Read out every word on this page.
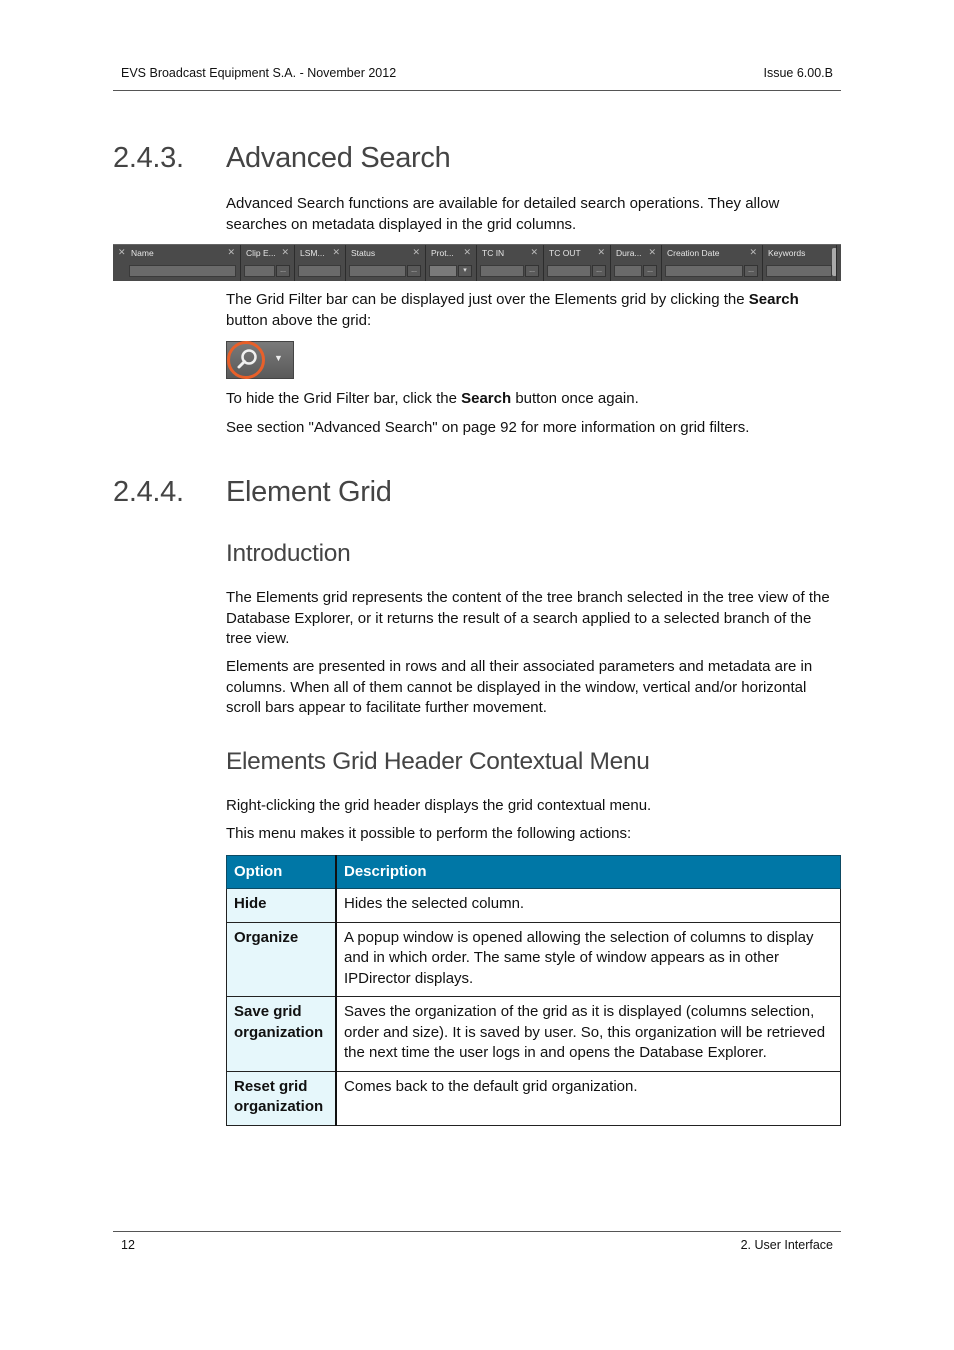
EVS Broadcast Equipment S.A. - November 2012	Issue 6.00.B
2.4.3. Advanced Search

Advanced Search functions are available for detailed search operations. They allow searches on metadata displayed in the grid columns.

✕ Name	✕ Clip E... ✕
...
LSM... ✕ Status	✕
...
Prot... ✕
▾
TC IN	✕
...
TC OUT ✕
...
Dura... ✕
...
Creation Date	✕
...
Keywords

The Grid Filter bar can be displayed just over the Elements grid by clicking the Search button above the grid:

▼

To hide the Grid Filter bar, click the Search button once again.

See section "Advanced Search" on page 92 for more information on grid filters.

2.4.4. Element Grid
Introduction

The Elements grid represents the content of the tree branch selected in the tree view of the Database Explorer, or it returns the result of a search applied to a selected branch of the tree view.

Elements are presented in rows and all their associated parameters and metadata are in columns. When all of them cannot be displayed in the window, vertical and/or horizontal scroll bars appear to facilitate further movement.

Elements Grid Header Contextual Menu

Right-clicking the grid header displays the grid contextual menu.

This menu makes it possible to perform the following actions:

Option	Description
Hide	Hides the selected column.
Organize	A popup window is opened allowing the selection of columns to display and in which order. The same style of window appears as in other IPDirector displays.
Save grid organization	Saves the organization of the grid as it is displayed (columns selection, order and size). It is saved by user. So, this organization will be retrieved the next time the user logs in and opens the Database Explorer.
Reset grid organization	Comes back to the default grid organization.
12	2. User Interface
